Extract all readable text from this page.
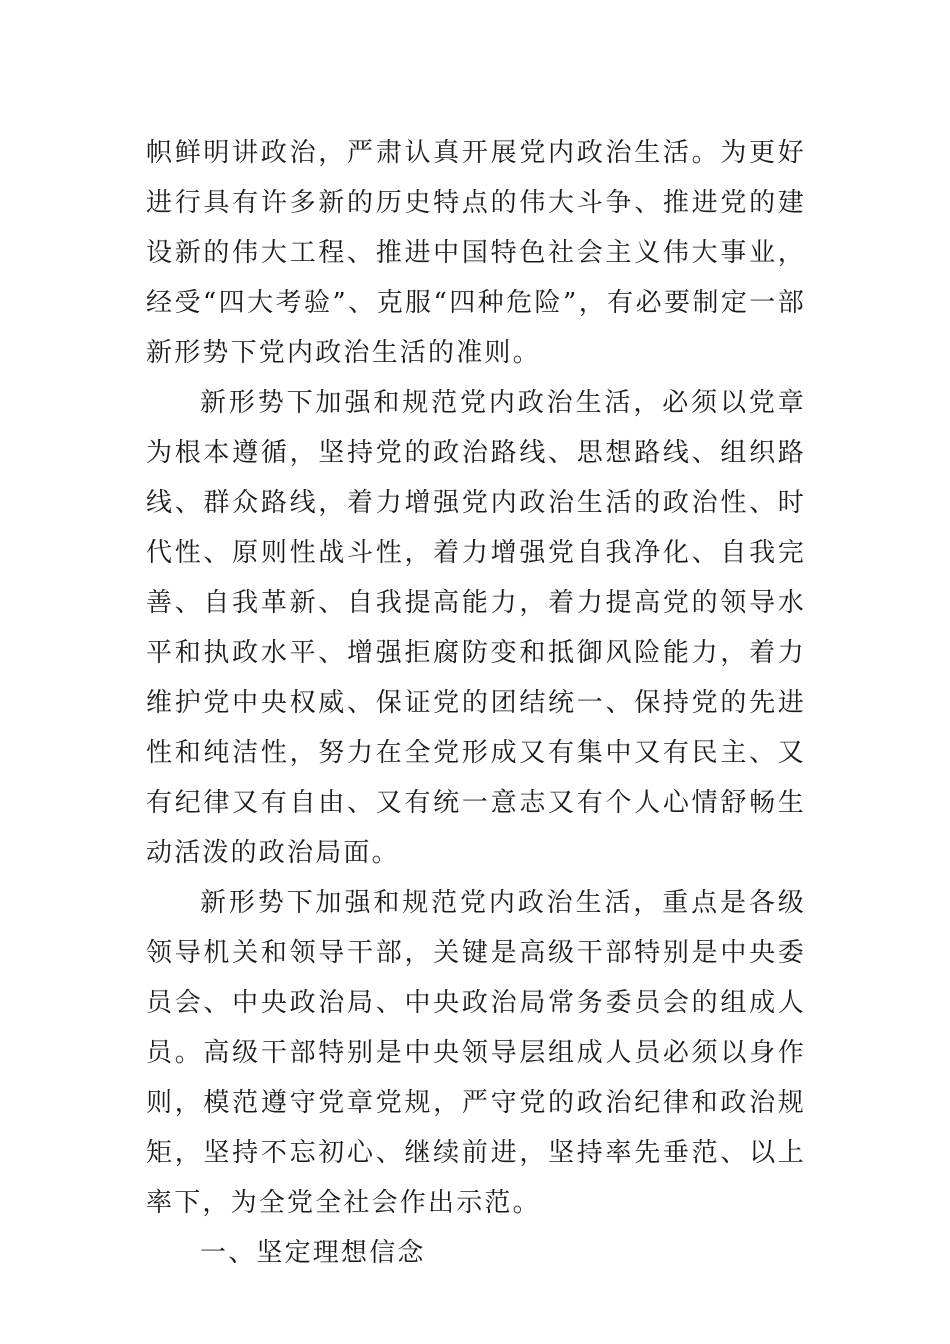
帜鲜明讲政治，严肃认真开展党内政治生活。为更好进行具有许多新的历史特点的伟大斗争、推进党的建设新的伟大工程、推进中国特色社会主义伟大事业，经受“四大考验”、克服“四种危险”，有必要制定一部新形势下党内政治生活的准则。

新形势下加强和规范党内政治生活，必须以党章为根本遵循，坚持党的政治路线、思想路线、组织路线、群众路线，着力增强党内政治生活的政治性、时代性、原则性战斗性，着力增强党自我净化、自我完善、自我革新、自我提高能力，着力提高党的领导水平和执政水平、增强拒腐防变和抵御风险能力，着力维护党中央权威、保证党的团结统一、保持党的先进性和纯洁性，努力在全党形成又有集中又有民主、又有纪律又有自由、又有统一意志又有个人心情舒畅生动活泼的政治局面。

新形势下加强和规范党内政治生活，重点是各级领导机关和领导干部，关键是高级干部特别是中央委员会、中央政治局、中央政治局常务委员会的组成人员。高级干部特别是中央领导层组成人员必须以身作则，模范遵守党章党规，严守党的政治纪律和政治规矩，坚持不忘初心、继续前进，坚持率先垂范、以上率下，为全党全社会作出示范。

一、坚定理想信念
